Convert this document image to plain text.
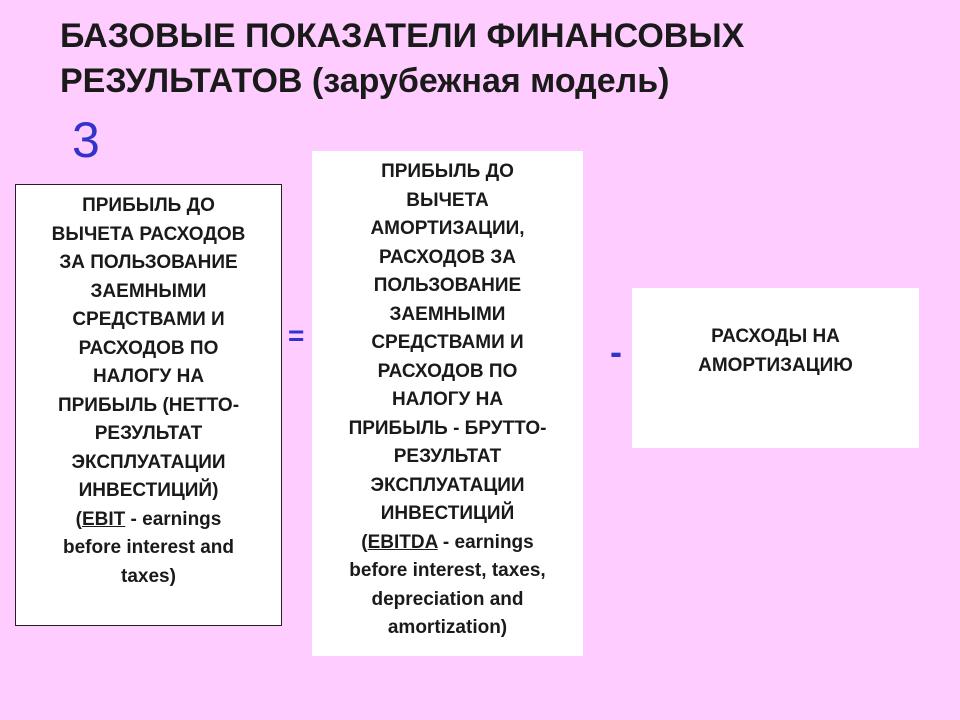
БАЗОВЫЕ ПОКАЗАТЕЛИ ФИНАНСОВЫХ
РЕЗУЛЬТАТОВ (зарубежная модель)
3
ПРИБЫЛЬ ДО
ВЫЧЕТА РАСХОДОВ
ЗА ПОЛЬЗОВАНИЕ
ЗАЕМНЫМИ
СРЕДСТВАМИ И
РАСХОДОВ ПО
НАЛОГУ НА
ПРИБЫЛЬ (НЕТТО-
РЕЗУЛЬТАТ
ЭКСПЛУАТАЦИИ
ИНВЕСТИЦИЙ)
(EBIT - earnings
before interest and
taxes)
=
ПРИБЫЛЬ ДО
ВЫЧЕТА
АМОРТИЗАЦИИ,
РАСХОДОВ ЗА
ПОЛЬЗОВАНИЕ
ЗАЕМНЫМИ
СРЕДСТВАМИ И
РАСХОДОВ ПО
НАЛОГУ НА
ПРИБЫЛЬ - БРУТТО-
РЕЗУЛЬТАТ
ЭКСПЛУАТАЦИИ
ИНВЕСТИЦИЙ
(EBITDA - earnings
before interest, taxes,
depreciation and
amortization)
-	РАСХОДЫ НА
АМОРТИЗАЦИЮ
